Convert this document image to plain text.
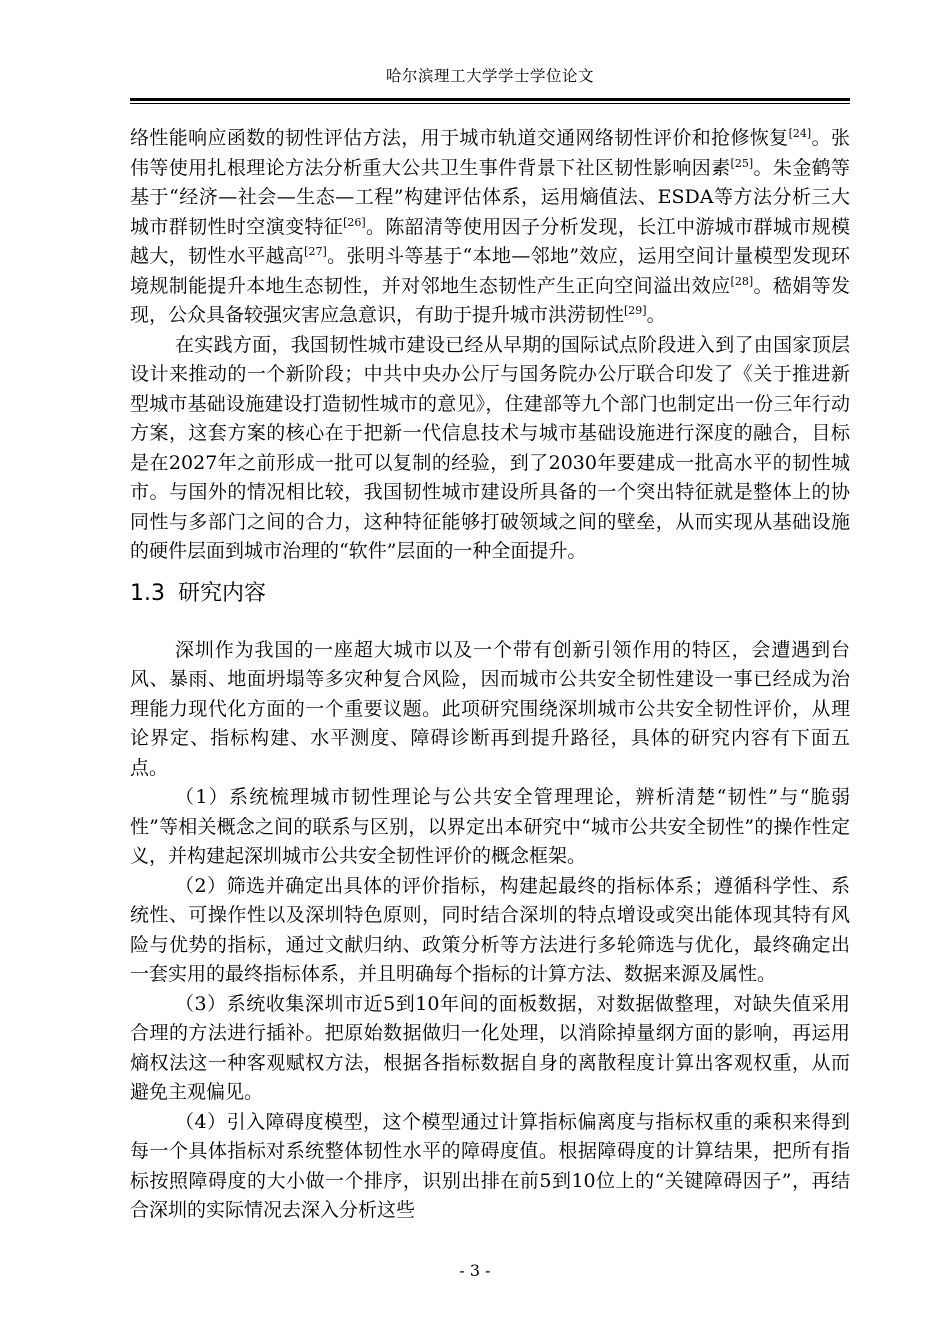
哈尔滨理工大学学士学位论文

络性能响应函数的韧性评估方法，用于城市轨道交通网络韧性评价和抢修恢复[24]。张伟等使用扎根理论方法分析重大公共卫生事件背景下社区韧性影响因素[25]。朱金鹤等基于“经济—社会—生态—工程”构建评估体系，运用熵值法、ESDA等方法分析三大城市群韧性时空演变特征[26]。陈韶清等使用因子分析发现，长江中游城市群城市规模越大，韧性水平越高[27]。张明斗等基于“本地—邻地”效应，运用空间计量模型发现环境规制能提升本地生态韧性，并对邻地生态韧性产生正向空间溢出效应[28]。嵇娟等发现，公众具备较强灾害应急意识，有助于提升城市洪涝韧性[29]。

在实践方面，我国韧性城市建设已经从早期的国际试点阶段进入到了由国家顶层设计来推动的一个新阶段；中共中央办公厅与国务院办公厅联合印发了《关于推进新型城市基础设施建设打造韧性城市的意见》，住建部等九个部门也制定出一份三年行动方案，这套方案的核心在于把新一代信息技术与城市基础设施进行深度的融合，目标是在2027年之前形成一批可以复制的经验，到了2030年要建成一批高水平的韧性城市。与国外的情况相比较，我国韧性城市建设所具备的一个突出特征就是整体上的协同性与多部门之间的合力，这种特征能够打破领域之间的壁垒，从而实现从基础设施的硬件层面到城市治理的“软件”层面的一种全面提升。

1.3 研究内容

深圳作为我国的一座超大城市以及一个带有创新引领作用的特区，会遭遇到台风、暴雨、地面坍塌等多灾种复合风险，因而城市公共安全韧性建设一事已经成为治理能力现代化方面的一个重要议题。此项研究围绕深圳城市公共安全韧性评价，从理论界定、指标构建、水平测度、障碍诊断再到提升路径，具体的研究内容有下面五点。

（1）系统梳理城市韧性理论与公共安全管理理论，辨析清楚“韧性”与“脆弱性”等相关概念之间的联系与区别，以界定出本研究中“城市公共安全韧性”的操作性定义，并构建起深圳城市公共安全韧性评价的概念框架。

（2）筛选并确定出具体的评价指标，构建起最终的指标体系；遵循科学性、系统性、可操作性以及深圳特色原则，同时结合深圳的特点增设或突出能体现其特有风险与优势的指标，通过文献归纳、政策分析等方法进行多轮筛选与优化，最终确定出一套实用的最终指标体系，并且明确每个指标的计算方法、数据来源及属性。

（3）系统收集深圳市近5到10年间的面板数据，对数据做整理，对缺失值采用合理的方法进行插补。把原始数据做归一化处理，以消除掉量纲方面的影响，再运用熵权法这一种客观赋权方法，根据各指标数据自身的离散程度计算出客观权重，从而避免主观偏见。

（4）引入障碍度模型，这个模型通过计算指标偏离度与指标权重的乘积来得到每一个具体指标对系统整体韧性水平的障碍度值。根据障碍度的计算结果，把所有指标按照障碍度的大小做一个排序，识别出排在前5到10位上的“关键障碍因子”，再结合深圳的实际情况去深入分析这些

- 3 -
